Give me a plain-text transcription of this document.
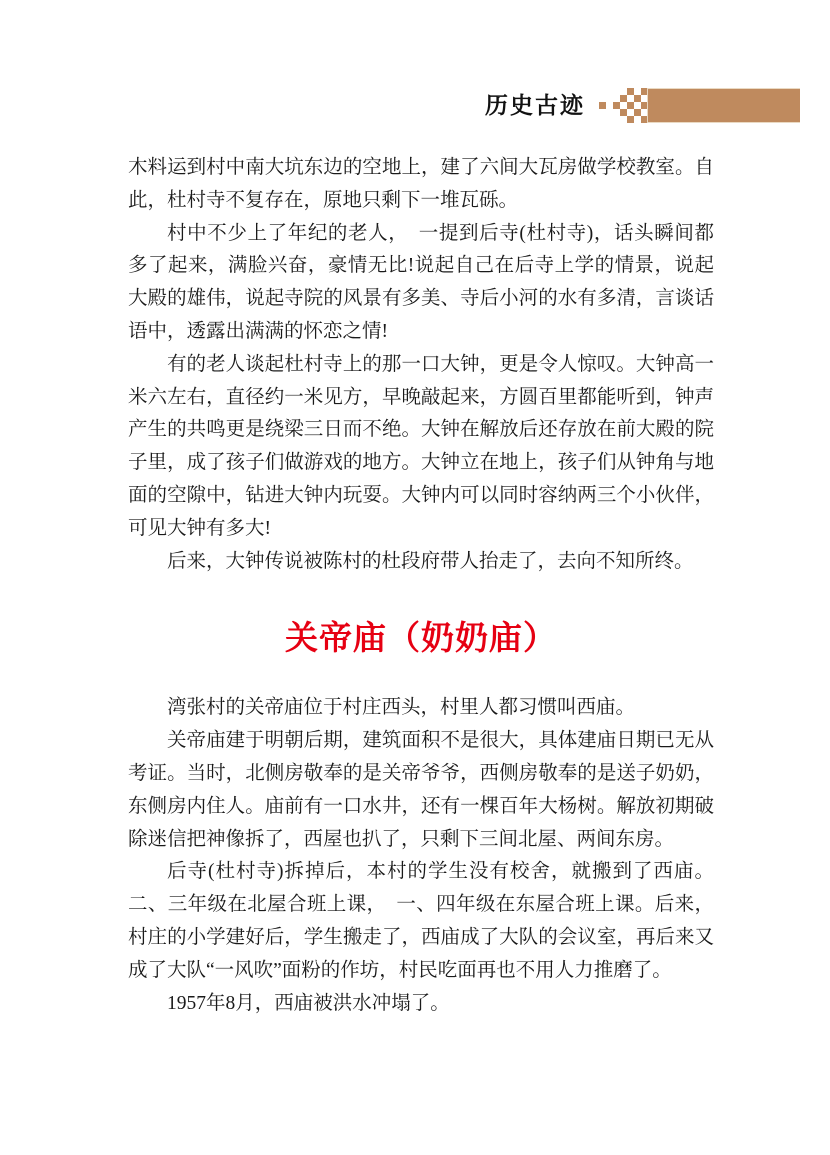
历史古迹

木料运到村中南大坑东边的空地上，建了六间大瓦房做学校教室。自此，杜村寺不复存在，原地只剩下一堆瓦砾。

村中不少上了年纪的老人，　一提到后寺(杜村寺)，话头瞬间都多了起来，满脸兴奋，豪情无比!说起自己在后寺上学的情景，说起大殿的雄伟，说起寺院的风景有多美、寺后小河的水有多清，言谈话语中，透露出满满的怀恋之情!

有的老人谈起杜村寺上的那一口大钟，更是令人惊叹。大钟高一米六左右，直径约一米见方，早晚敲起来，方圆百里都能听到，钟声产生的共鸣更是绕梁三日而不绝。大钟在解放后还存放在前大殿的院子里，成了孩子们做游戏的地方。大钟立在地上，孩子们从钟角与地面的空隙中，钻进大钟内玩耍。大钟内可以同时容纳两三个小伙伴，可见大钟有多大!

后来，大钟传说被陈村的杜段府带人抬走了，去向不知所终。

关帝庙（奶奶庙）

湾张村的关帝庙位于村庄西头，村里人都习惯叫西庙。

关帝庙建于明朝后期，建筑面积不是很大，具体建庙日期已无从考证。当时，北侧房敬奉的是关帝爷爷，西侧房敬奉的是送子奶奶，东侧房内住人。庙前有一口水井，还有一棵百年大杨树。解放初期破除迷信把神像拆了，西屋也扒了，只剩下三间北屋、两间东房。

后寺(杜村寺)拆掉后，本村的学生没有校舍，就搬到了西庙。二、三年级在北屋合班上课，　一、四年级在东屋合班上课。后来，村庄的小学建好后，学生搬走了，西庙成了大队的会议室，再后来又成了大队“一风吹”面粉的作坊，村民吃面再也不用人力推磨了。

1957年8月，西庙被洪水冲塌了。
